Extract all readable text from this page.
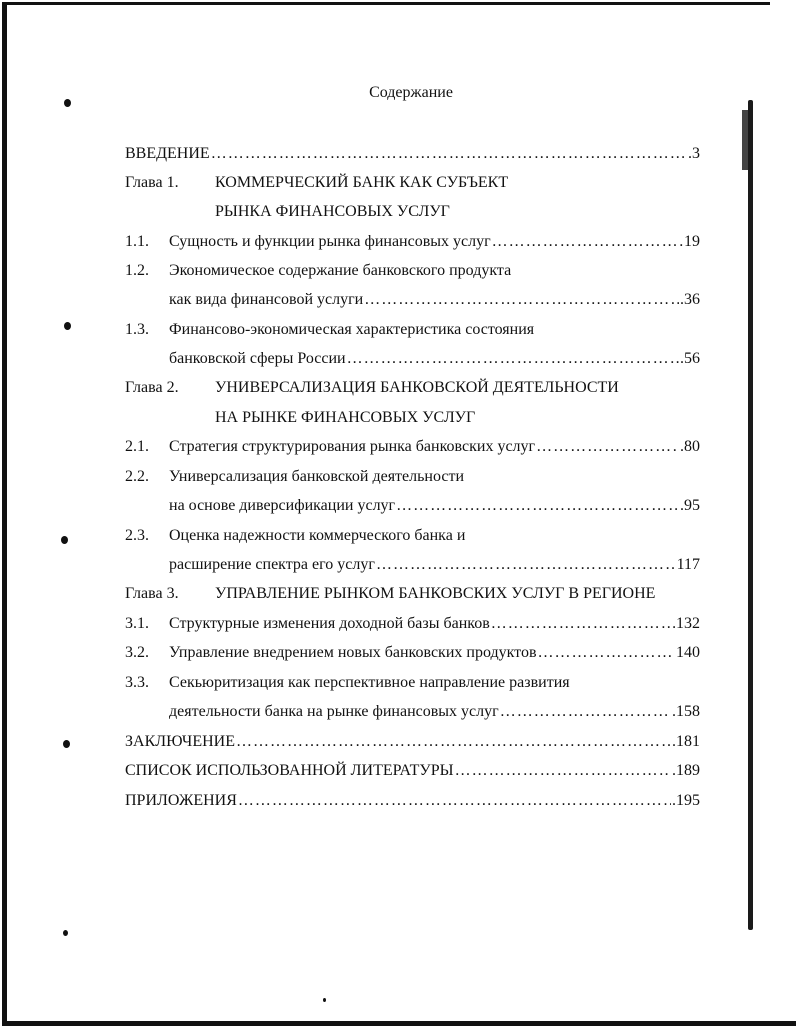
Содержание
ВВЕДЕНИЕ ……………………………………………………………………………………………………………………………………………………	.3
Глава 1. КОММЕРЧЕСКИЙ БАНК КАК СУБЪЕКТ
РЫНКА ФИНАНСОВЫХ УСЛУГ
1.1. Сущность и функции рынка финансовых услуг ……………………………………………………………………………………………………………………………………………………	19
1.2. Экономическое содержание банковского продукта
как вида финансовой услуги ……………………………………………………………………………………………………………………………………………………	.36
1.3. Финансово-экономическая характеристика состояния
банковской сферы России ……………………………………………………………………………………………………………………………………………………	.56
Глава 2. УНИВЕРСАЛИЗАЦИЯ БАНКОВСКОЙ ДЕЯТЕЛЬНОСТИ
НА РЫНКЕ ФИНАНСОВЫХ УСЛУГ
2.1. Стратегия структурирования рынка банковских услуг ……………………………………………………………………………………………………………………………………………………	.80
2.2. Универсализация банковской деятельности
на основе диверсификации услуг ……………………………………………………………………………………………………………………………………………………	.95
2.3. Оценка надежности коммерческого банка и
расширение спектра его услуг ……………………………………………………………………………………………………………………………………………………	117
Глава 3. УПРАВЛЕНИЕ РЫНКОМ БАНКОВСКИХ УСЛУГ В РЕГИОНЕ
3.1. Структурные изменения доходной базы банков ……………………………………………………………………………………………………………………………………………………	132
3.2. Управление внедрением новых банковских продуктов ……………………………………………………………………………………………………………………………………………………	140
3.3. Секьюритизация как перспективное направление развития
деятельности банка на рынке финансовых услуг ……………………………………………………………………………………………………………………………………………………	.158
ЗАКЛЮЧЕНИЕ ……………………………………………………………………………………………………………………………………………………	.181
СПИСОК ИСПОЛЬЗОВАННОЙ ЛИТЕРАТУРЫ ……………………………………………………………………………………………………………………………………………………	.189
ПРИЛОЖЕНИЯ ……………………………………………………………………………………………………………………………………………………	.195
